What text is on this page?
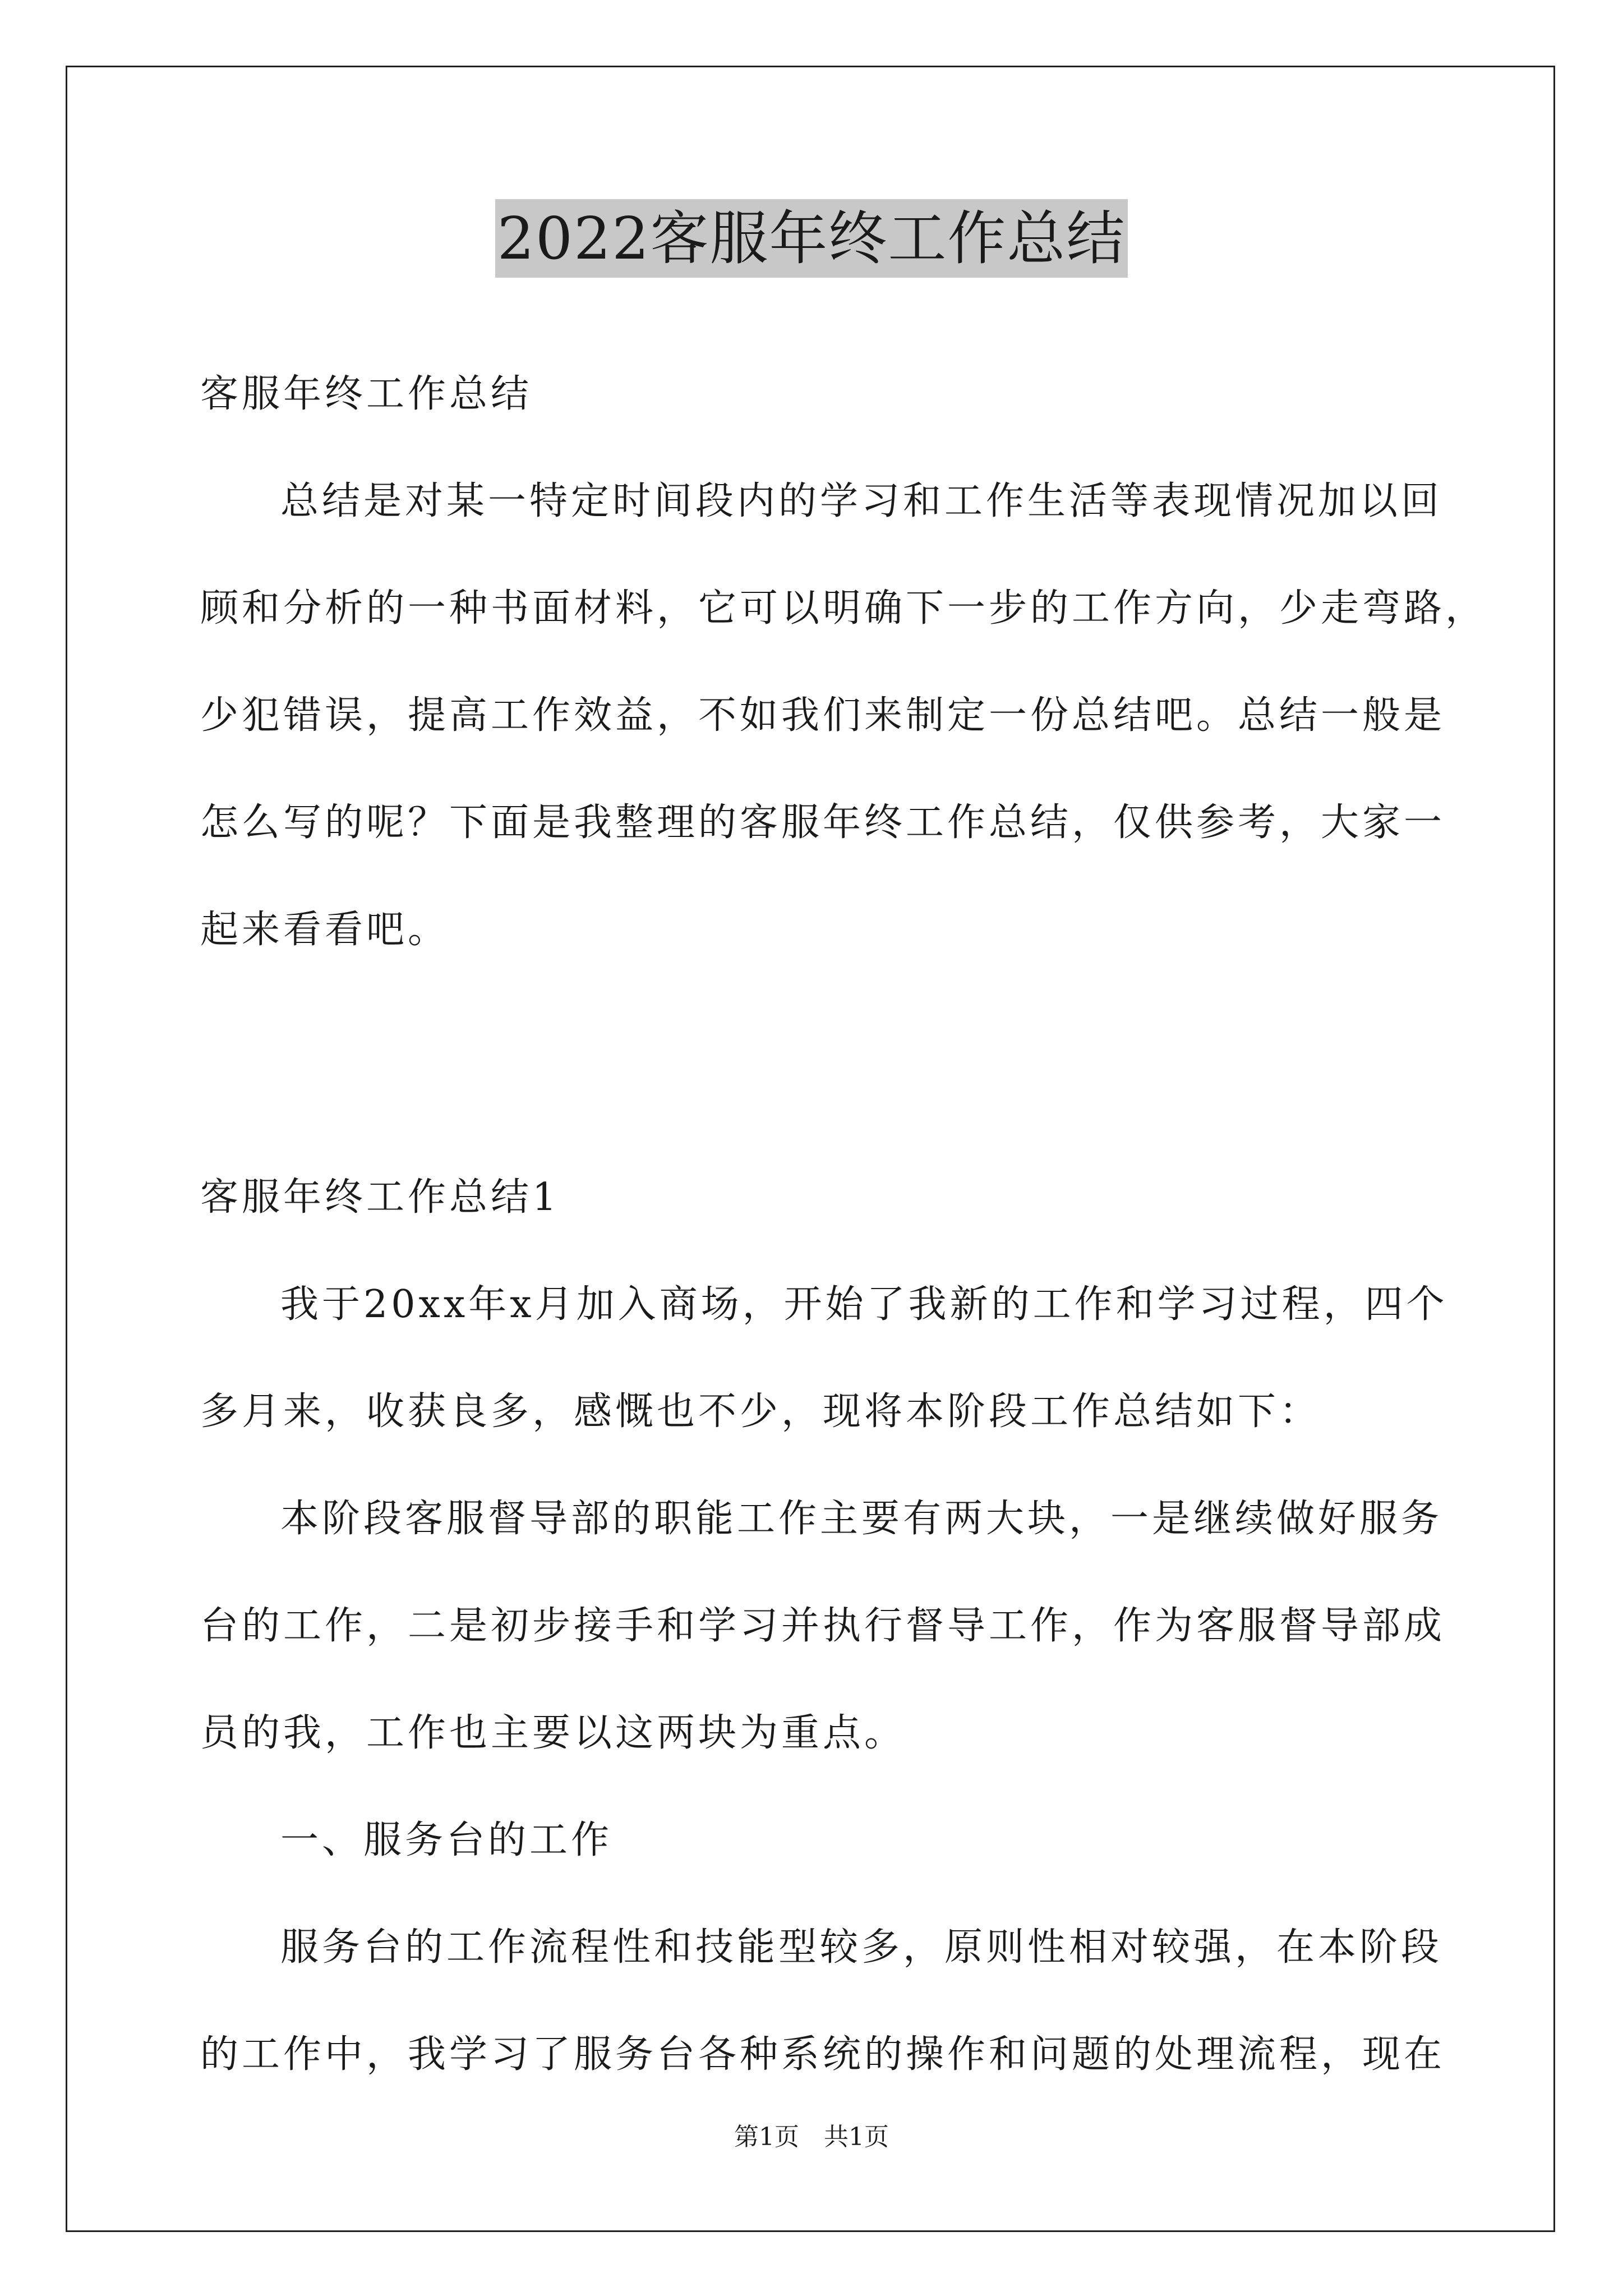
2022客服年终工作总结
客服年终工作总结
总结是对某一特定时间段内的学习和工作生活等表现情况加以回
顾和分析的一种书面材料，它可以明确下一步的工作方向，少走弯路，
少犯错误，提高工作效益，不如我们来制定一份总结吧。总结一般是
怎么写的呢？下面是我整理的客服年终工作总结，仅供参考，大家一
起来看看吧。
客服年终工作总结1
我于20xx年x月加入商场，开始了我新的工作和学习过程，四个
多月来，收获良多，感慨也不少，现将本阶段工作总结如下：
本阶段客服督导部的职能工作主要有两大块，一是继续做好服务
台的工作，二是初步接手和学习并执行督导工作，作为客服督导部成
员的我，工作也主要以这两块为重点。
一、服务台的工作
服务台的工作流程性和技能型较多，原则性相对较强，在本阶段
的工作中，我学习了服务台各种系统的操作和问题的处理流程，现在
第1页　共1页
